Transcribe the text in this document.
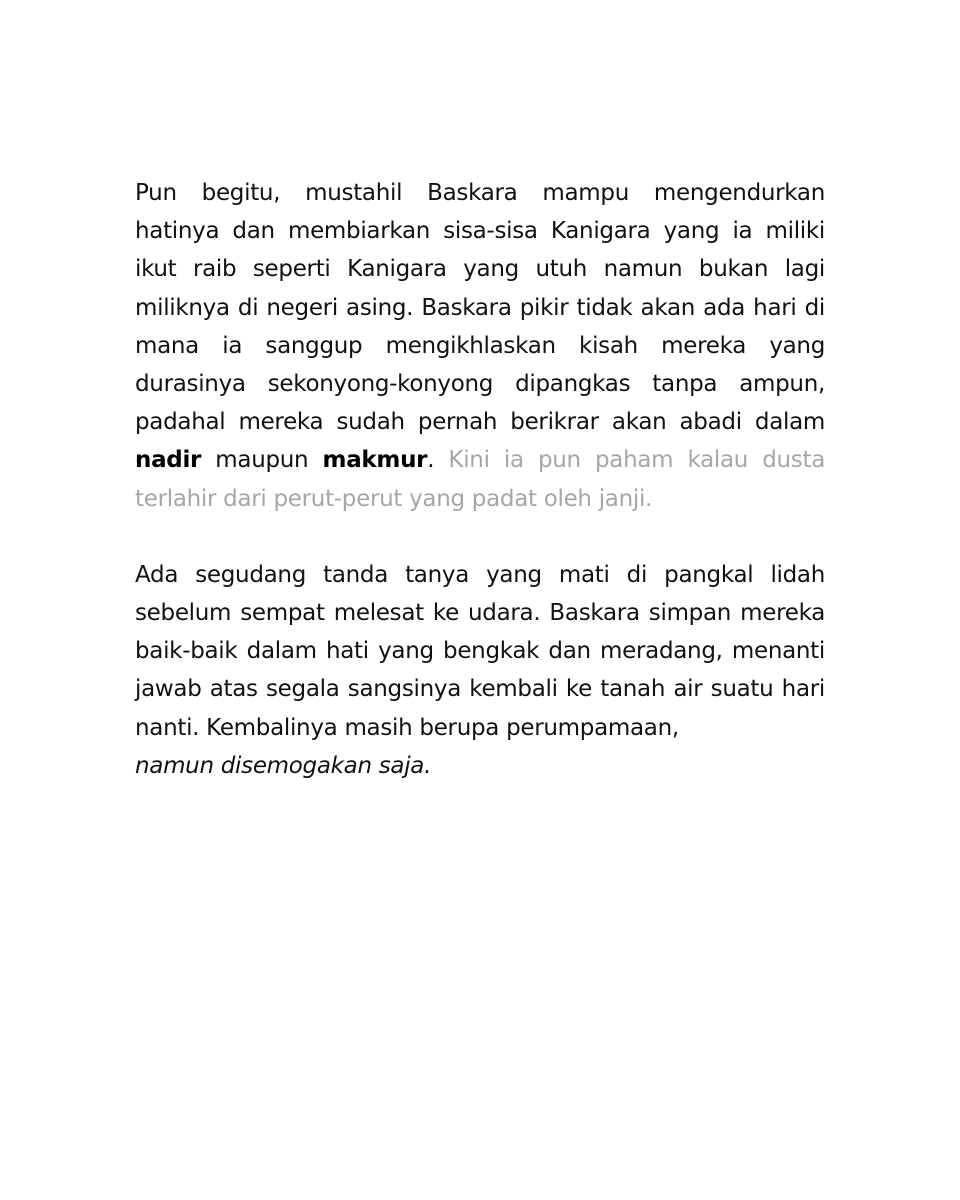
Pun begitu, mustahil Baskara mampu mengendurkan hatinya dan membiarkan sisa-sisa Kanigara yang ia miliki ikut raib seperti Kanigara yang utuh namun bukan lagi miliknya di negeri asing. Baskara pikir tidak akan ada hari di mana ia sanggup mengikhlaskan kisah mereka yang durasinya sekonyong-konyong dipangkas tanpa ampun, padahal mereka sudah pernah berikrar akan abadi dalam nadir maupun makmur. Kini ia pun paham kalau dusta terlahir dari perut-perut yang padat oleh janji.

Ada segudang tanda tanya yang mati di pangkal lidah sebelum sempat melesat ke udara. Baskara simpan mereka baik-baik dalam hati yang bengkak dan meradang, menanti jawab atas segala sangsinya kembali ke tanah air suatu hari nanti. Kembalinya masih berupa perumpamaan,
namun disemogakan saja.
